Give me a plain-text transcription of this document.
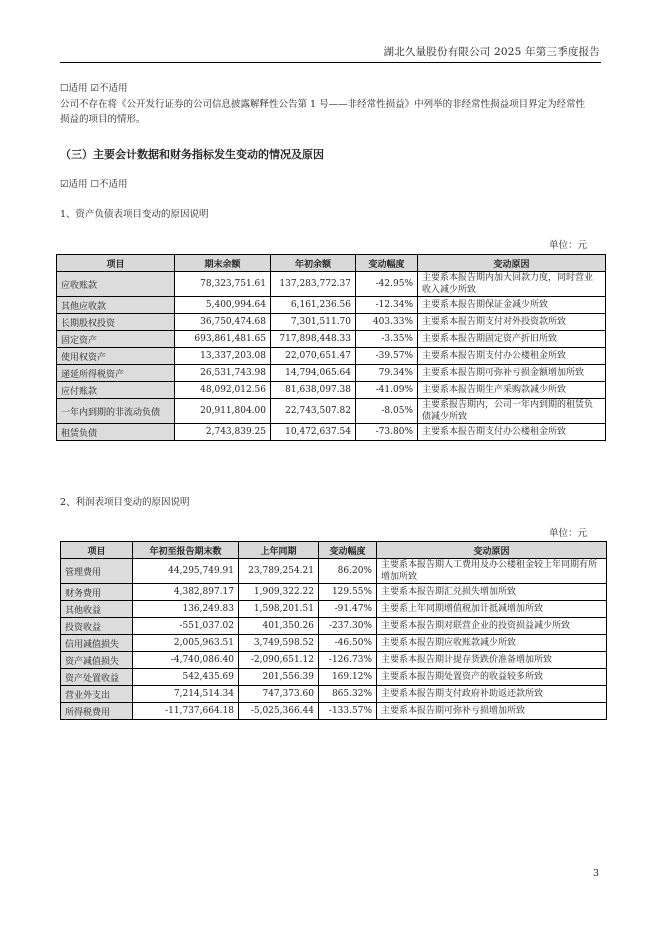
湖北久量股份有限公司 2025 年第三季度报告
☐适用 ☑不适用
公司不存在将《公开发行证券的公司信息披露解释性公告第 1 号——非经常性损益》中列举的非经常性损益项目界定为经常性损益的项目的情形。
（三）主要会计数据和财务指标发生变动的情况及原因
☑适用 ☐不适用
1、资产负债表项目变动的原因说明
单位：元
项目	期末余额	年初余额	变动幅度	变动原因
应收账款	78,323,751.61	137,283,772.37	-42.95%	主要系本报告期内加大回款力度，同时营业收入减少所致
其他应收款	5,400,994.64	6,161,236.56	-12.34%	主要系本报告期保证金减少所致
长期股权投资	36,750,474.68	7,301,511.70	403.33%	主要系本报告期支付对外投资款所致
固定资产	693,861,481.65	717,898,448.33	-3.35%	主要系本报告期固定资产折旧所致
使用权资产	13,337,203.08	22,070,651.47	-39.57%	主要系本报告期支付办公楼租金所致
递延所得税资产	26,531,743.98	14,794,065.64	79.34%	主要系本报告期可弥补亏损金额增加所致
应付账款	48,092,012.56	81,638,097.38	-41.09%	主要系本报告期生产采购款减少所致
一年内到期的非流动负债	20,911,804.00	22,743,507.82	-8.05%	主要系报告期内，公司一年内到期的租赁负债减少所致
租赁负债	2,743,839.25	10,472,637.54	-73.80%	主要系本报告期支付办公楼租金所致
2、利润表项目变动的原因说明
单位：元
项目	年初至报告期末数	上年同期	变动幅度	变动原因
管理费用	44,295,749.91	23,789,254.21	86.20%	主要系本报告期人工费用及办公楼租金较上年同期有所增加所致
财务费用	4,382,897.17	1,909,322.22	129.55%	主要系本报告期汇兑损失增加所致
其他收益	136,249.83	1,598,201.51	-91.47%	主要系上年同期增值税加计抵减增加所致
投资收益	-551,037.02	401,350.26	-237.30%	主要系本报告期对联营企业的投资损益减少所致
信用减值损失	2,005,963.51	3,749,598.52	-46.50%	主要系本报告期应收账款减少所致
资产减值损失	-4,740,086.40	-2,090,651.12	-126.73%	主要系本报告期计提存货跌价准备增加所致
资产处置收益	542,435.69	201,556.39	169.12%	主要系本报告期处置资产的收益较多所致
营业外支出	7,214,514.34	747,373.60	865.32%	主要系本报告期支付政府补助返还款所致
所得税费用	-11,737,664.18	-5,025,366.44	-133.57%	主要系本报告期可弥补亏损增加所致
3
